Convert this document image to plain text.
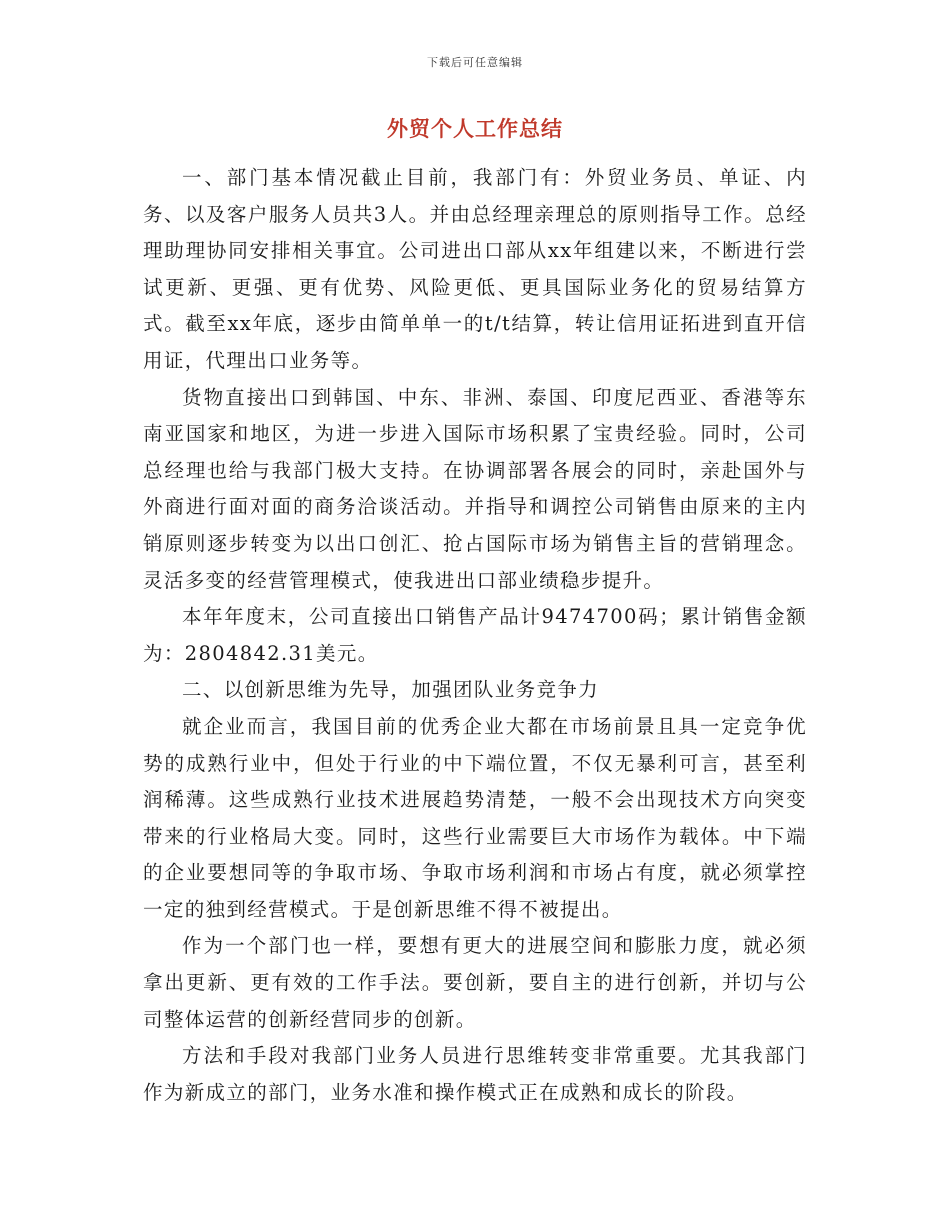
下载后可任意编辑
外贸个人工作总结

一、部门基本情况截止目前，我部门有：外贸业务员、单证、内务、以及客户服务人员共3人。并由总经理亲理总的原则指导工作。总经理助理协同安排相关事宜。公司进出口部从xx年组建以来，不断进行尝试更新、更强、更有优势、风险更低、更具国际业务化的贸易结算方式。截至xx年底，逐步由简单单一的t/t结算，转让信用证拓进到直开信用证，代理出口业务等。

货物直接出口到韩国、中东、非洲、泰国、印度尼西亚、香港等东南亚国家和地区，为进一步进入国际市场积累了宝贵经验。同时，公司总经理也给与我部门极大支持。在协调部署各展会的同时，亲赴国外与外商进行面对面的商务洽谈活动。并指导和调控公司销售由原来的主内销原则逐步转变为以出口创汇、抢占国际市场为销售主旨的营销理念。灵活多变的经营管理模式，使我进出口部业绩稳步提升。

本年年度末，公司直接出口销售产品计9474700码；累计销售金额为：2804842.31美元。

二、以创新思维为先导，加强团队业务竞争力

就企业而言，我国目前的优秀企业大都在市场前景且具一定竞争优势的成熟行业中，但处于行业的中下端位置，不仅无暴利可言，甚至利润稀薄。这些成熟行业技术进展趋势清楚，一般不会出现技术方向突变带来的行业格局大变。同时，这些行业需要巨大市场作为载体。中下端的企业要想同等的争取市场、争取市场利润和市场占有度，就必须掌控一定的独到经营模式。于是创新思维不得不被提出。

作为一个部门也一样，要想有更大的进展空间和膨胀力度，就必须拿出更新、更有效的工作手法。要创新，要自主的进行创新，并切与公司整体运营的创新经营同步的创新。

方法和手段对我部门业务人员进行思维转变非常重要。尤其我部门作为新成立的部门，业务水准和操作模式正在成熟和成长的阶段。
